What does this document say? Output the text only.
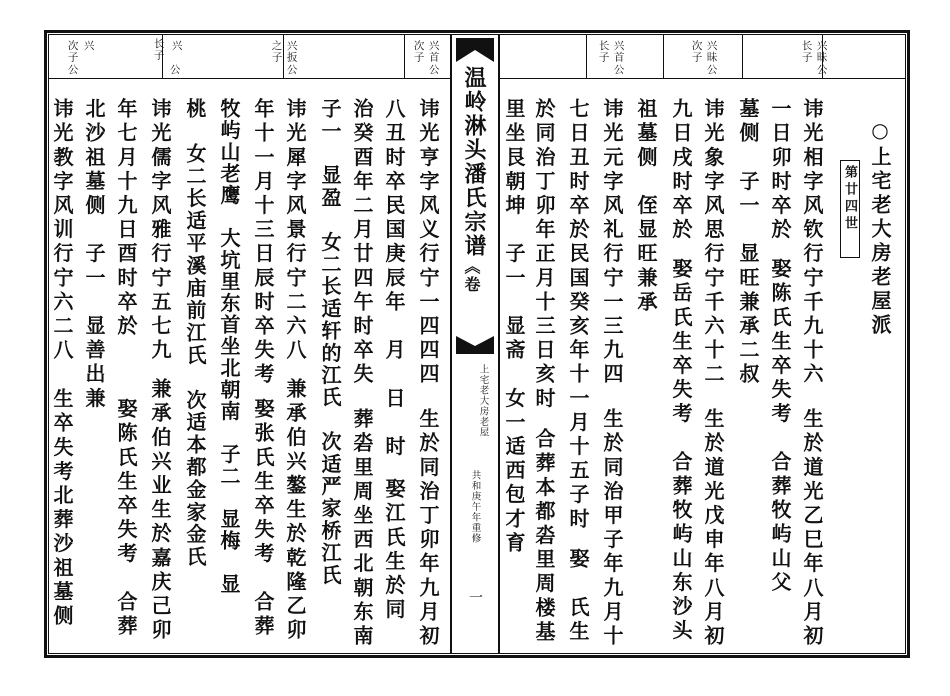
兴
次子
公
兴
长子
公
兴扳
之子
公
兴首
次子
公
兴首
长子
公
兴昧
次子
公
兴昧
长子
公
温岭淋头潘氏宗谱
《卷
上宅老大房老屋
共和庚午年重修
一
○上宅老大房老屋派
第廿四世
讳光相字风钦行宁千九十六
生於道光乙巳年八月初
一日卯时卒於
娶陈氏生卒失考　合葬牧屿山父
墓侧　子一　显旺兼承二叔
讳光象字风思行宁千六十二
生於道光戊申年八月初
九日戌时卒於
娶岳氏生卒失考　合葬牧屿山东沙头
祖墓侧　侄显旺兼承
讳光元字风礼行宁一三九四
生於同治甲子年九月十
七日丑时卒於民国癸亥年十一月十五子时
娶　氏生
於同治丁卯年正月十三日亥时
合葬本都沯里周楼基
里坐艮朝坤　子一　显斋　女一适西包才育
讳光亨字风义行宁一四四四
生於同治丁卯年九月初
八丑时卒民国庚辰年　月　日　时
娶江氏生於同
治癸酉年二月廿四午时卒失
葬沯里周坐西北朝东南
子一　显盈　女二长适轩的江氏　次适严家桥江氏
讳光犀字风景行宁二六八
兼承伯兴鏊生於乾隆乙卯
年十一月十三日辰时卒失考
娶张氏生卒失考　合葬
牧屿山老鹰　大坑里东首坐北朝南　子二　显梅　显
桃　女二长适平溪庙前江氏　次适本都金家金氏
讳光儒字风雅行宁五七九
兼承伯兴业生於嘉庆己卯
年七月十九日酉时卒於
娶陈氏生卒失考　合葬
北沙祖墓侧　子一　显善出兼
讳光教字风训行宁六二八
生卒失考北葬沙祖墓侧
